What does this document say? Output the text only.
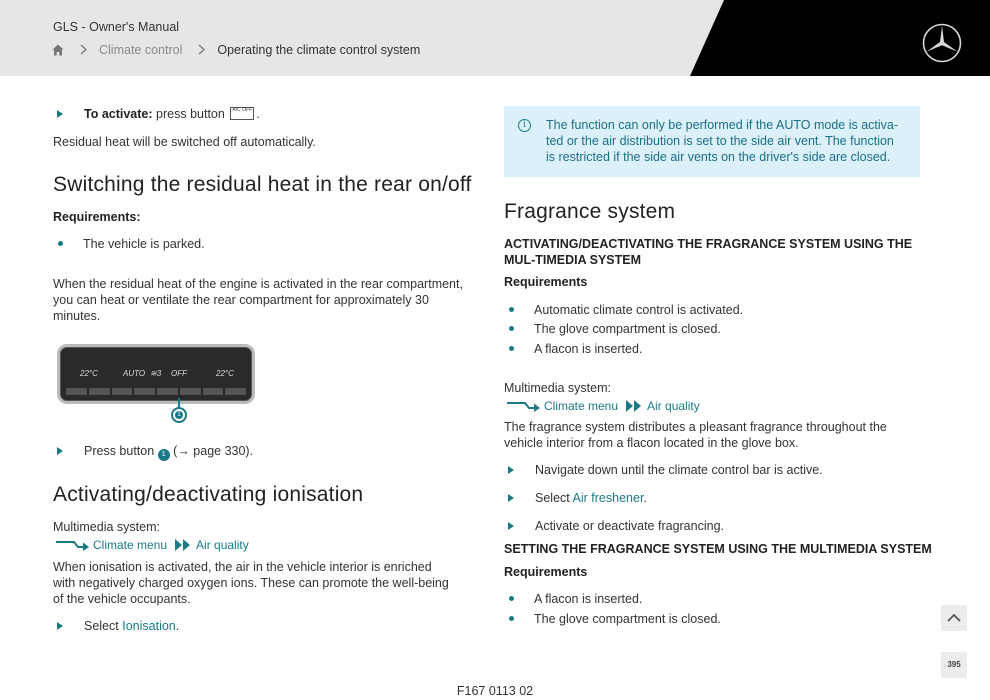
GLS - Owner's Manual
Climate control	Operating the climate control system
To activate: press button A/C OFF .
Residual heat will be switched off automatically.
Switching the residual heat in the rear on/off
Requirements:
The vehicle is parked.
When the residual heat of the engine is activated in the rear compartment, you can heat or ventilate the rear compartment for approximately 30 minutes.
22°C	AUTO ≋3 OFF	22°C
1
Press button 1 (→ page 330).
Activating/deactivating ionisation
Multimedia system:
Climate menu Air quality
When ionisation is activated, the air in the vehicle interior is enriched with negatively charged oxygen ions. These can promote the well-being of the vehicle occupants.
Select Ionisation.
i	The function can only be performed if the AUTO mode is activa-ted or the air distribution is set to the side air vent. The function is restricted if the side air vents on the driver's side are closed.
Fragrance system
ACTIVATING/DEACTIVATING THE FRAGRANCE SYSTEM USING THE MUL-TIMEDIA SYSTEM
Requirements
Automatic climate control is activated.
The glove compartment is closed.
A flacon is inserted.
Multimedia system:
Climate menu Air quality
The fragrance system distributes a pleasant fragrance throughout the vehicle interior from a flacon located in the glove box.
Navigate down until the climate control bar is active.
Select Air freshener.
Activate or deactivate fragrancing.
SETTING THE FRAGRANCE SYSTEM USING THE MULTIMEDIA SYSTEM
Requirements
A flacon is inserted.
The glove compartment is closed.
395
F167 0113 02
